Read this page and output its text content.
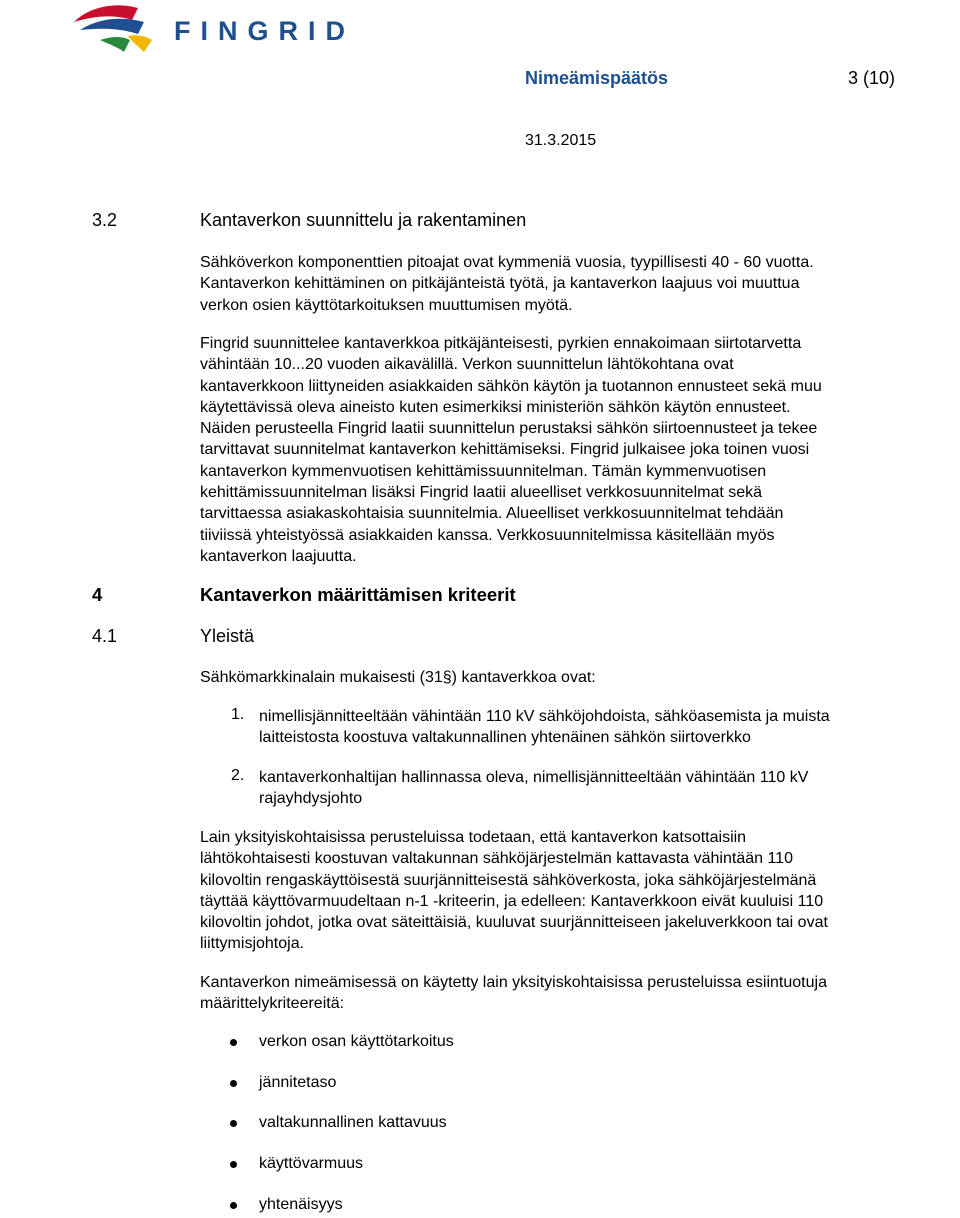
FINGRID
Nimeämispäätös	3 (10)
31.3.2015
3.2	Kantaverkon suunnittelu ja rakentaminen

Sähköverkon komponenttien pitoajat ovat kymmeniä vuosia, tyypillisesti 40 - 60 vuotta.

Kantaverkon kehittäminen on pitkäjänteistä työtä, ja kantaverkon laajuus voi muuttua

verkon osien käyttötarkoituksen muuttumisen myötä.

Fingrid suunnittelee kantaverkkoa pitkäjänteisesti, pyrkien ennakoimaan siirtotarvetta

vähintään 10...20 vuoden aikavälillä. Verkon suunnittelun lähtökohtana ovat

kantaverkkoon liittyneiden asiakkaiden sähkön käytön ja tuotannon ennusteet sekä muu

käytettävissä oleva aineisto kuten esimerkiksi ministeriön sähkön käytön ennusteet.

Näiden perusteella Fingrid laatii suunnittelun perustaksi sähkön siirtoennusteet ja tekee

tarvittavat suunnitelmat kantaverkon kehittämiseksi. Fingrid julkaisee joka toinen vuosi

kantaverkon kymmenvuotisen kehittämissuunnitelman. Tämän kymmenvuotisen

kehittämissuunnitelman lisäksi Fingrid laatii alueelliset verkkosuunnitelmat sekä

tarvittaessa asiakaskohtaisia suunnitelmia. Alueelliset verkkosuunnitelmat tehdään

tiiviissä yhteistyössä asiakkaiden kanssa. Verkkosuunnitelmissa käsitellään myös

kantaverkon laajuutta.

4	Kantaverkon määrittämisen kriteerit
4.1	Yleistä

Sähkömarkkinalain mukaisesti (31§) kantaverkkoa ovat:

1. nimellisjännitteeltään vähintään 110 kV sähköjohdoista, sähköasemista ja muista
laitteistosta koostuva valtakunnallinen yhtenäinen sähkön siirtoverkko
2. kantaverkonhaltijan hallinnassa oleva, nimellisjännitteeltään vähintään 110 kV
rajayhdysjohto

Lain yksityiskohtaisissa perusteluissa todetaan, että kantaverkon katsottaisiin

lähtökohtaisesti koostuvan valtakunnan sähköjärjestelmän kattavasta vähintään 110

kilovoltin rengaskäyttöisestä suurjännitteisestä sähköverkosta, joka sähköjärjestelmänä

täyttää käyttövarmuudeltaan n-1 -kriteerin, ja edelleen: Kantaverkkoon eivät kuuluisi 110

kilovoltin johdot, jotka ovat säteittäisiä, kuuluvat suurjännitteiseen jakeluverkkoon tai ovat

liittymisjohtoja.

Kantaverkon nimeämisessä on käytetty lain yksityiskohtaisissa perusteluissa esiintuotuja

määrittelykriteereitä:

verkon osan käyttötarkoitus
jännitetaso
valtakunnallinen kattavuus
käyttövarmuus
yhtenäisyys
